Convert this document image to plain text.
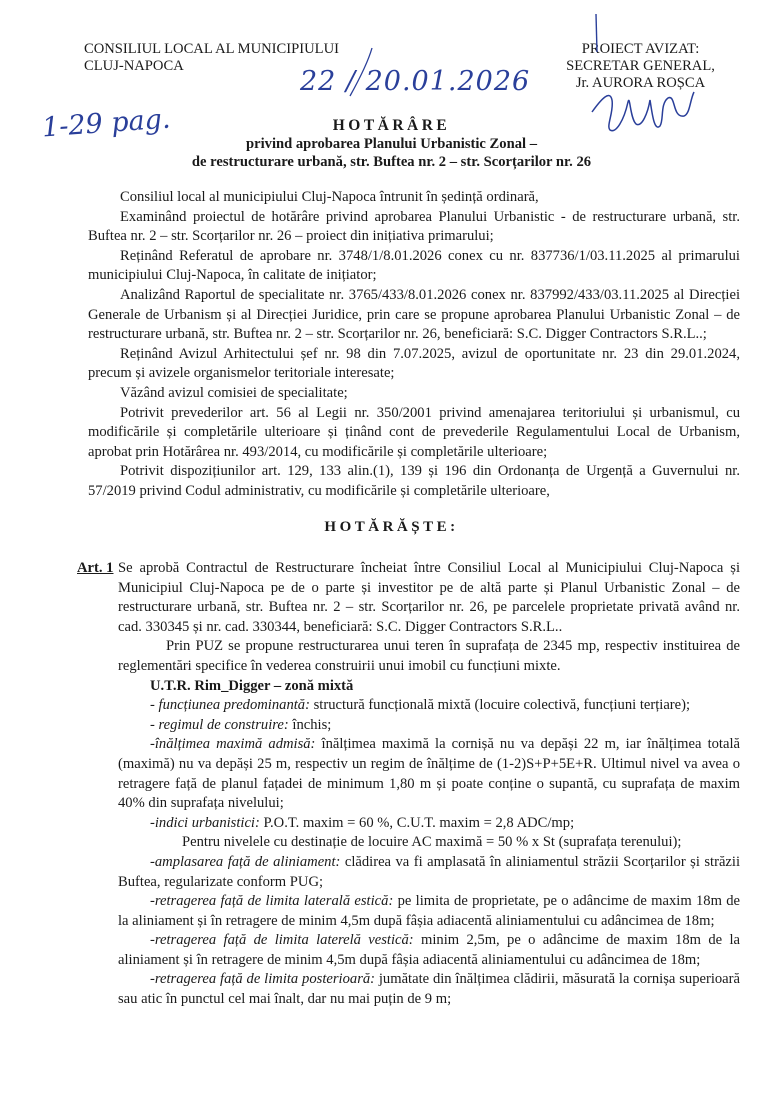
CONSILIUL LOCAL AL MUNICIPIULUI
CLUJ-NAPOCA
PROIECT AVIZAT:
SECRETAR GENERAL,
Jr. AURORA ROȘCA
22 / 20.01.2026
1-29 pag.	HOTĂRÂRE
privind aprobarea Planului Urbanistic Zonal –
de restructurare urbană, str. Buftea nr. 2 – str. Scorțarilor nr. 26

Consiliul local al municipiului Cluj-Napoca întrunit în ședință ordinară,

Examinând proiectul de hotărâre privind aprobarea Planului Urbanistic - de restructurare urbană, str. Buftea nr. 2 – str. Scorțarilor nr. 26 – proiect din inițiativa primarului;

Reținând Referatul de aprobare nr. 3748/1/8.01.2026 conex cu nr. 837736/1/03.11.2025 al primarului municipiului Cluj-Napoca, în calitate de inițiator;

Analizând Raportul de specialitate nr. 3765/433/8.01.2026 conex nr. 837992/433/03.11.2025 al Direcției Generale de Urbanism și al Direcției Juridice, prin care se propune aprobarea Planului Urbanistic Zonal – de restructurare urbană, str. Buftea nr. 2 – str. Scorțarilor nr. 26, beneficiară: S.C. Digger Contractors S.R.L..;

Reținând Avizul Arhitectului șef nr. 98 din 7.07.2025, avizul de oportunitate nr. 23 din 29.01.2024, precum și avizele organismelor teritoriale interesate;

Văzând avizul comisiei de specialitate;

Potrivit prevederilor art. 56 al Legii nr. 350/2001 privind amenajarea teritoriului și urbanismul, cu modificările și completările ulterioare și ținând cont de prevederile Regulamentului Local de Urbanism, aprobat prin Hotărârea nr. 493/2014, cu modificările și completările ulterioare;

Potrivit dispozițiunilor art. 129, 133 alin.(1), 139 și 196 din Ordonanța de Urgență a Guvernului nr. 57/2019 privind Codul administrativ, cu modificările și completările ulterioare,

HOTĂRĂȘTE:
Art. 1 Se aprobă Contractul de Restructurare încheiat între Consiliul Local al Municipiului Cluj-Napoca și Municipiul Cluj-Napoca pe de o parte și investitor pe de altă parte și Planul Urbanistic Zonal – de restructurare urbană, str. Buftea nr. 2 – str. Scorțarilor nr. 26, pe parcelele proprietate privată având nr. cad. 330345 și nr. cad. 330344, beneficiară: S.C. Digger Contractors S.R.L..

Prin PUZ se propune restructurarea unui teren în suprafața de 2345 mp, respectiv instituirea de reglementări specifice în vederea construirii unui imobil cu funcțiuni mixte.

U.T.R. Rim_Digger – zonă mixtă

- funcțiunea predominantă: structură funcțională mixtă (locuire colectivă, funcțiuni terțiare);

- regimul de construire: închis;

-înălțimea maximă admisă: înălțimea maximă la cornișă nu va depăși 22 m, iar înălțimea totală (maximă) nu va depăși 25 m, respectiv un regim de înălțime de (1-2)S+P+5E+R. Ultimul nivel va avea o retragere față de planul fațadei de minimum 1,80 m și poate conține o supantă, cu suprafața de maxim 40% din suprafața nivelului;

-indici urbanistici: P.O.T. maxim = 60 %, C.U.T. maxim = 2,8 ADC/mp;

Pentru nivelele cu destinație de locuire AC maximă = 50 % x St (suprafața terenului);

-amplasarea față de aliniament: clădirea va fi amplasată în aliniamentul străzii Scorțarilor și străzii Buftea, regularizate conform PUG;

-retragerea față de limita laterală estică: pe limita de proprietate, pe o adâncime de maxim 18m de la aliniament și în retragere de minim 4,5m după fâșia adiacentă aliniamentului cu adâncimea de 18m;

-retragerea față de limita laterelă vestică: minim 2,5m, pe o adâncime de maxim 18m de la aliniament și în retragere de minim 4,5m după fâșia adiacentă aliniamentului cu adâncimea de 18m;

-retragerea față de limita posterioară: jumătate din înălțimea clădirii, măsurată la cornișa superioară sau atic în punctul cel mai înalt, dar nu mai puțin de 9 m;
